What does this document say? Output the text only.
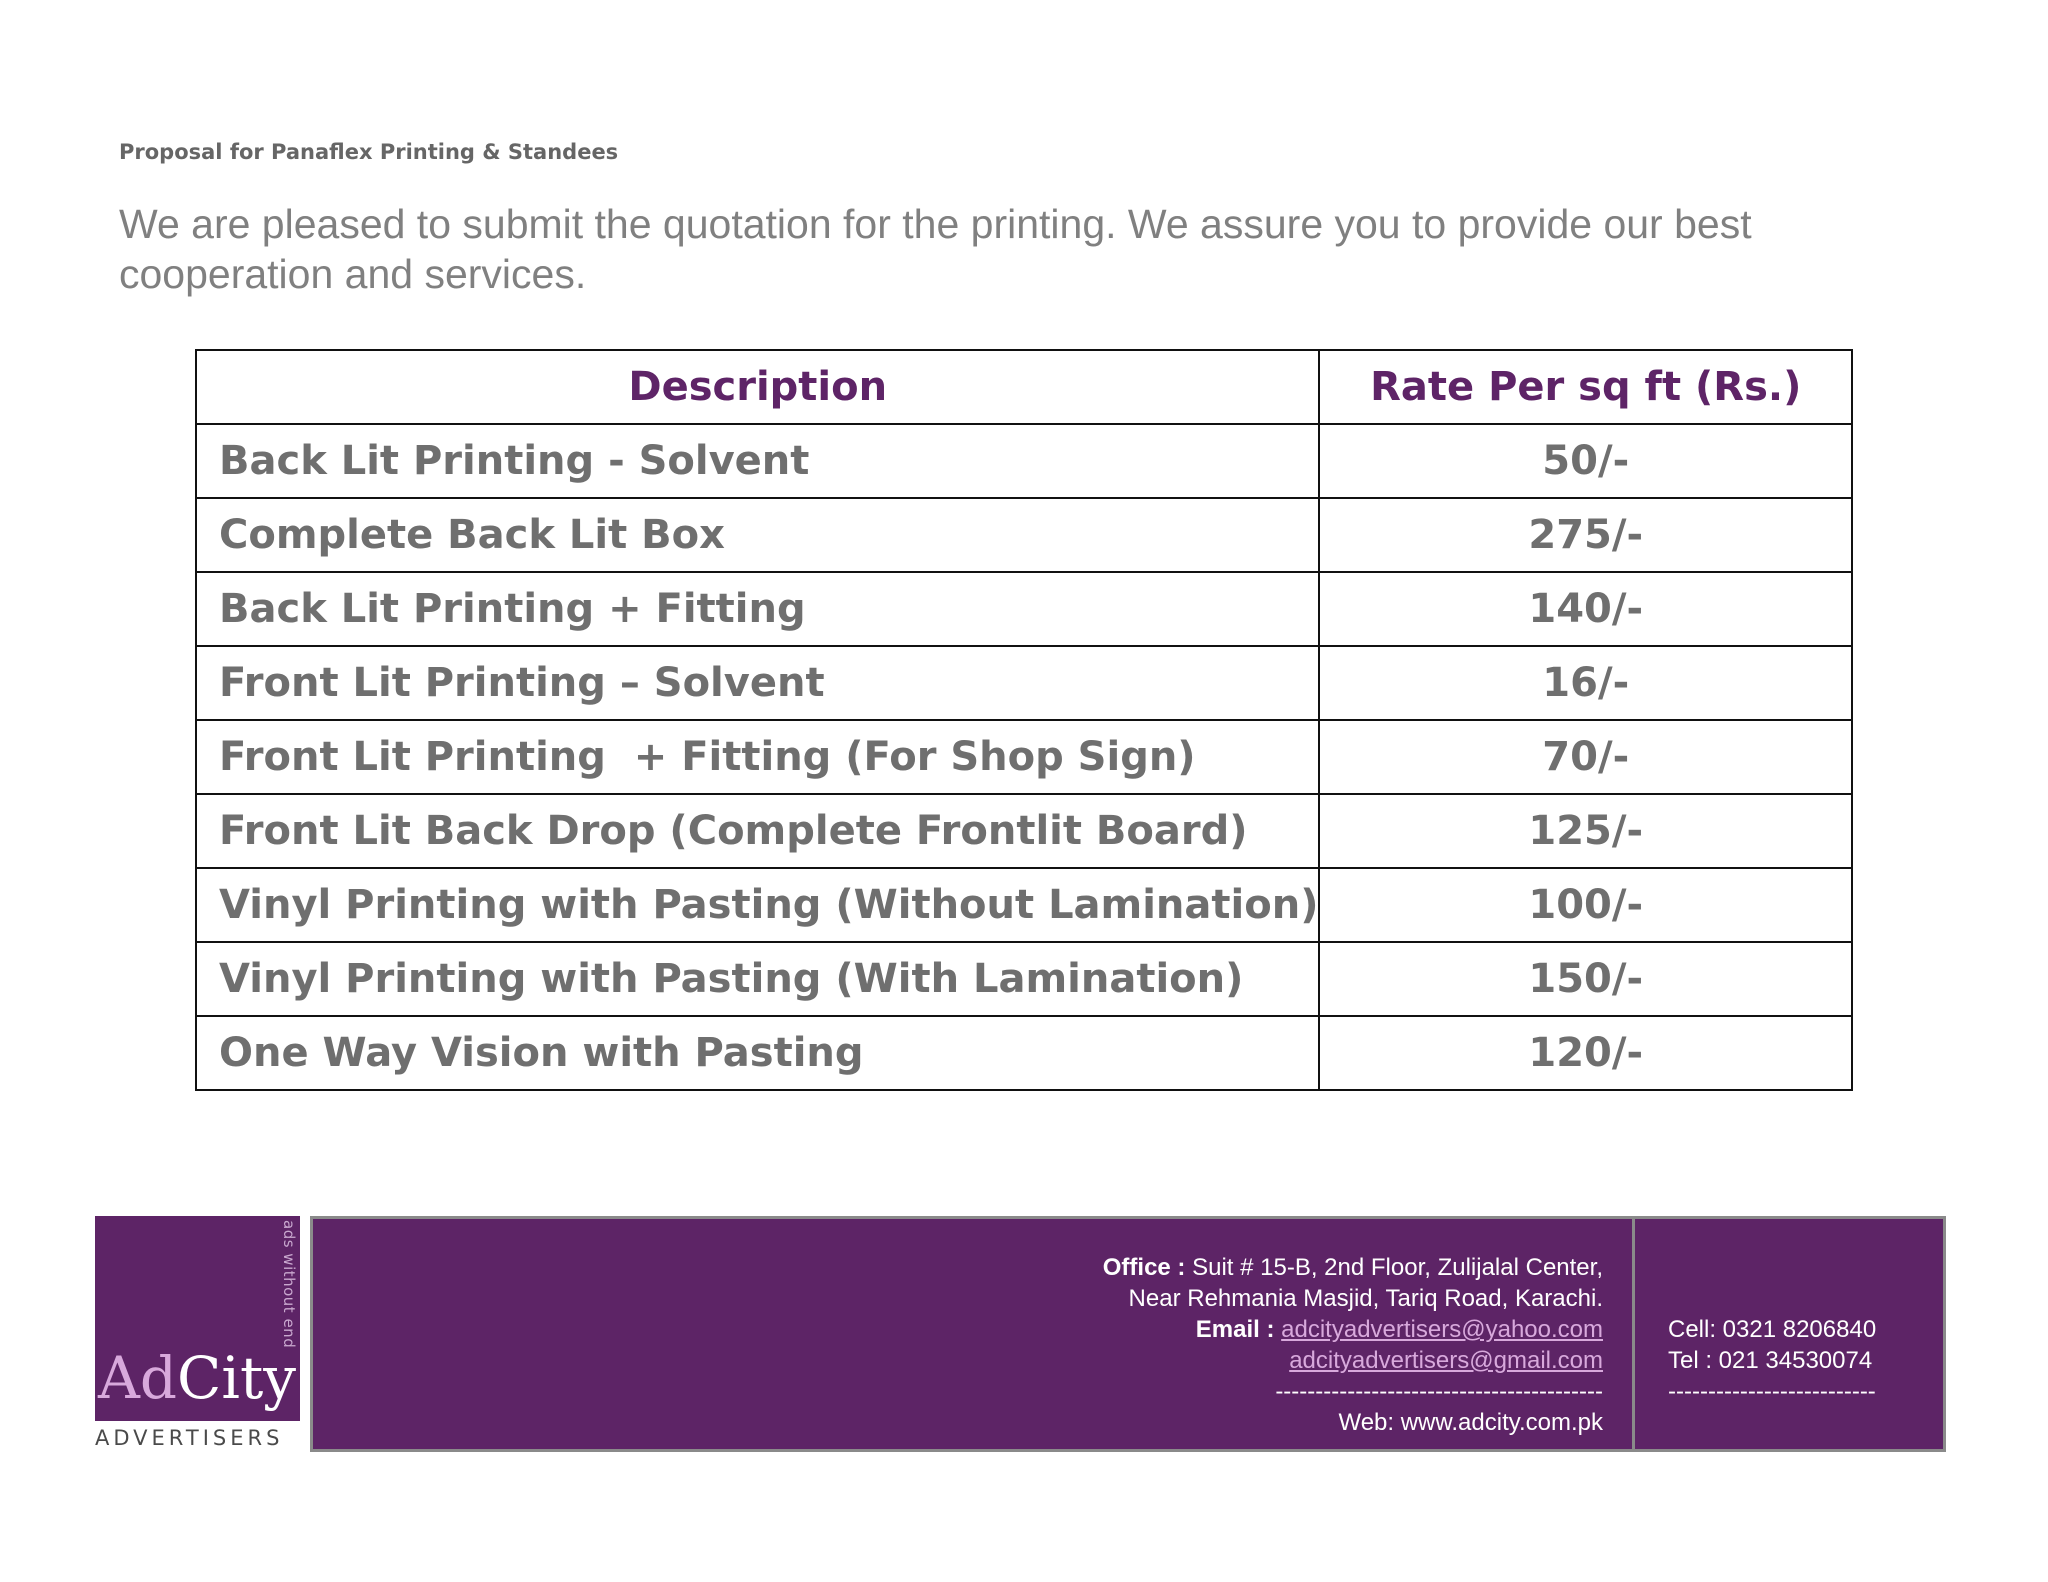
Proposal for Panaflex Printing & Standees
We are pleased to submit the quotation for the printing. We assure you to provide our best cooperation and services.
Description	Rate Per sq ft (Rs.)
Back Lit Printing - Solvent	50/-
Complete Back Lit Box	275/-
Back Lit Printing + Fitting	140/-
Front Lit Printing – Solvent	16/-
Front Lit Printing  + Fitting (For Shop Sign)	70/-
Front Lit Back Drop (Complete Frontlit Board)	125/-
Vinyl Printing with Pasting (Without Lamination)	100/-
Vinyl Printing with Pasting (With Lamination)	150/-
One Way Vision with Pasting	120/-
ads without end
AdCity
ADVERTISERS
Office : Suit # 15-B, 2nd Floor, Zulijalal Center,
Near Rehmania Masjid, Tariq Road, Karachi.
Email : adcityadvertisers@yahoo.com
adcityadvertisers@gmail.com
-----------------------------------------
Web: www.adcity.com.pk
Cell: 0321 8206840
Tel : 021 34530074
--------------------------
